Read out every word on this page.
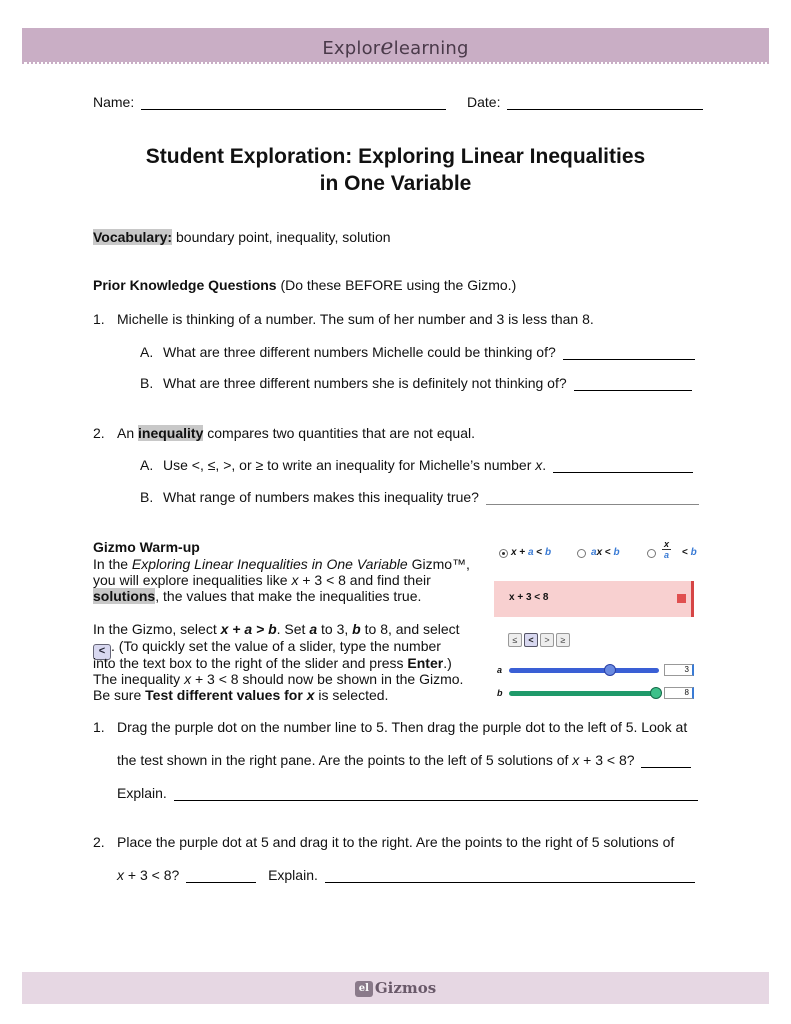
Explorelearning
Name:	Date:
Student Exploration: Exploring Linear Inequalities
in One Variable
Vocabulary: boundary point, inequality, solution
Prior Knowledge Questions (Do these BEFORE using the Gizmo.)
1. Michelle is thinking of a number. The sum of her number and 3 is less than 8.
A. What are three different numbers Michelle could be thinking of?
B. What are three different numbers she is definitely not thinking of?
2. An inequality compares two quantities that are not equal.
A. Use <, ≤, >, or ≥ to write an inequality for Michelle’s number x.
B. What range of numbers makes this inequality true?
Gizmo Warm-up
In the Exploring Linear Inequalities in One Variable Gizmo™,
you will explore inequalities like x + 3 < 8 and find their
solutions, the values that make the inequalities true.
In the Gizmo, select x + a > b. Set a to 3, b to 8, and select
< . (To quickly set the value of a slider, type the number
into the text box to the right of the slider and press Enter.)
The inequality x + 3 < 8 should now be shown in the Gizmo.
Be sure Test different values for x is selected.
x + a < b	ax < b	$\frac{x}{a} < b$
x + 3 < 8
≤ < > ≥
a	3
b	8
1. Drag the purple dot on the number line to 5. Then drag the purple dot to the left of 5. Look at
the test shown in the right pane. Are the points to the left of 5 solutions of x + 3 < 8?
Explain.
2. Place the purple dot at 5 and drag it to the right. Are the points to the right of 5 solutions of
x + 3 < 8?	Explain.
el Gizmos
